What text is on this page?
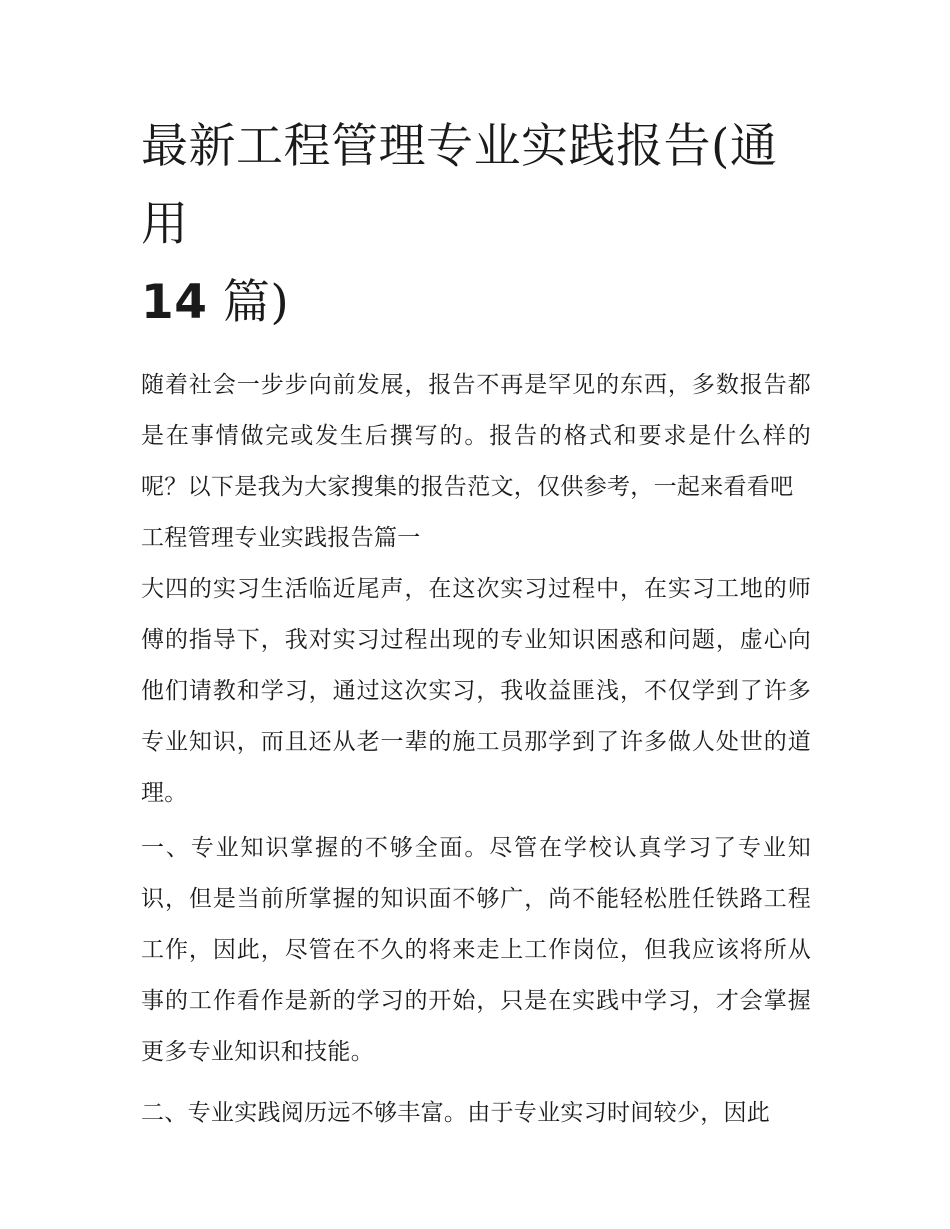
最新工程管理专业实践报告(通用
14 篇)

随着社会一步步向前发展，报告不再是罕见的东西，多数报告都是在事情做完或发生后撰写的。报告的格式和要求是什么样的呢？以下是我为大家搜集的报告范文，仅供参考，一起来看看吧

工程管理专业实践报告篇一

大四的实习生活临近尾声，在这次实习过程中，在实习工地的师傅的指导下，我对实习过程出现的专业知识困惑和问题，虚心向他们请教和学习，通过这次实习，我收益匪浅，不仅学到了许多专业知识，而且还从老一辈的施工员那学到了许多做人处世的道理。

一、专业知识掌握的不够全面。尽管在学校认真学习了专业知识，但是当前所掌握的知识面不够广，尚不能轻松胜任铁路工程工作，因此，尽管在不久的将来走上工作岗位，但我应该将所从事的工作看作是新的学习的开始，只是在实践中学习，才会掌握更多专业知识和技能。

二、专业实践阅历远不够丰富。由于专业实习时间较少，因此
